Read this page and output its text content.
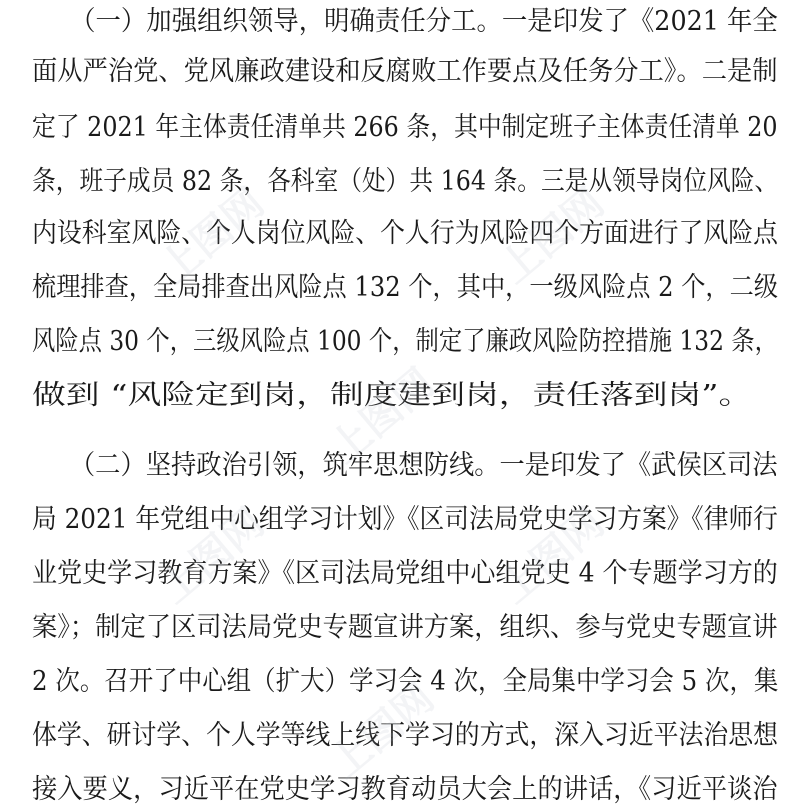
　　（一）加强组织领导，明确责任分工。一是印发了《2021 年全
面从严治党、党风廉政建设和反腐败工作要点及任务分工》。二是制
定了 2021 年主体责任清单共 266 条，其中制定班子主体责任清单 20
条，班子成员 82 条，各科室（处）共 164 条。三是从领导岗位风险、
内设科室风险、个人岗位风险、个人行为风险四个方面进行了风险点
梳理排查，全局排查出风险点 132 个，其中，一级风险点 2 个，二级
风险点 30 个，三级风险点 100 个，制定了廉政风险防控措施 132 条，
做到 “风险定到岗，制度建到岗，责任落到岗”。
　　（二）坚持政治引领，筑牢思想防线。一是印发了《武侯区司法
局 2021 年党组中心组学习计划》《区司法局党史学习方案》《律师行
业党史学习教育方案》《区司法局党组中心组党史 4 个专题学习方的
案》；制定了区司法局党史专题宣讲方案，组织、参与党史专题宣讲
2 次。召开了中心组（扩大）学习会 4 次，全局集中学习会 5 次，集
体学、研讨学、个人学等线上线下学习的方式，深入习近平法治思想
接入要义，习近平在党史学习教育动员大会上的讲话，《习近平谈治
上图网	上图网
上图网
上图网	上图网
上图网
